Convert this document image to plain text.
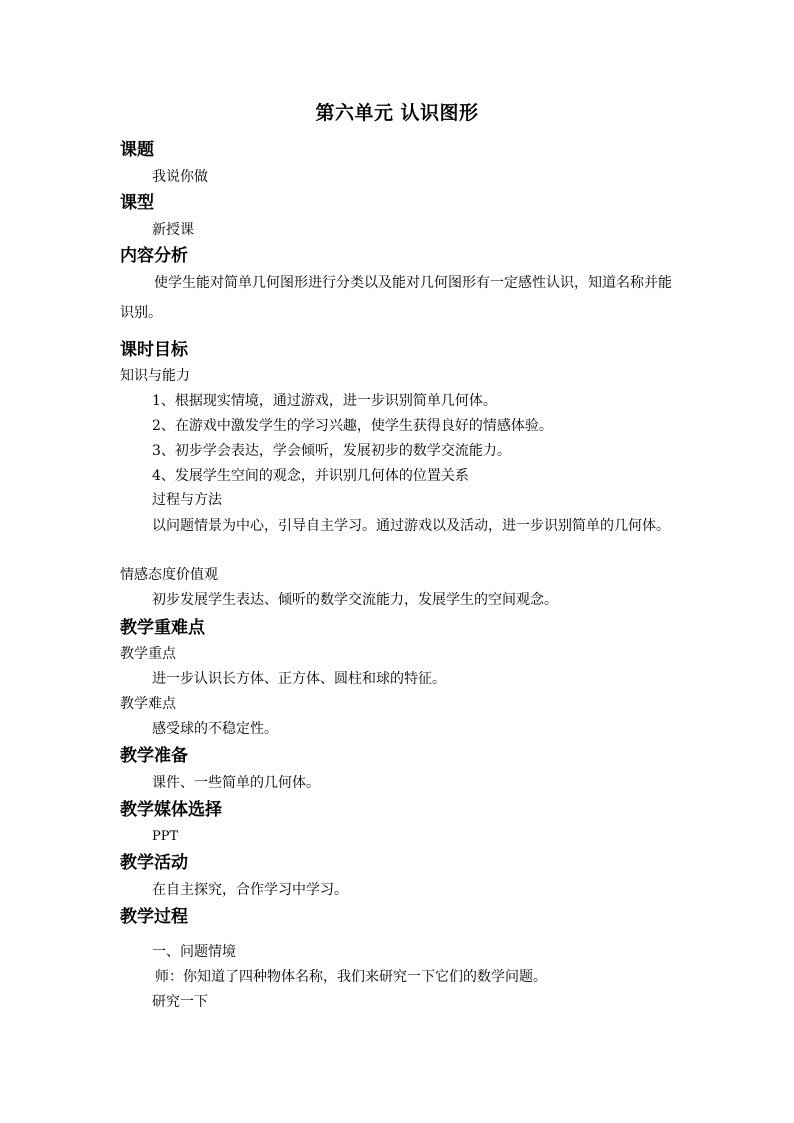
第六单元 认识图形
课题
我说你做
课型
新授课
内容分析
使学生能对简单几何图形进行分类以及能对几何图形有一定感性认识，知道名称并能识别。
课时目标
知识与能力
1、根据现实情境，通过游戏，进一步识别简单几何体。
2、在游戏中激发学生的学习兴趣，使学生获得良好的情感体验。
3、初步学会表达，学会倾听，发展初步的数学交流能力。
4、发展学生空间的观念，并识别几何体的位置关系
过程与方法
以问题情景为中心，引导自主学习。通过游戏以及活动，进一步识别简单的几何体。
情感态度价值观
初步发展学生表达、倾听的数学交流能力，发展学生的空间观念。
教学重难点
教学重点
进一步认识长方体、正方体、圆柱和球的特征。
教学难点
感受球的不稳定性。
教学准备
课件、一些简单的几何体。
教学媒体选择
PPT
教学活动
在自主探究，合作学习中学习。
教学过程
一、问题情境
师：你知道了四种物体名称，我们来研究一下它们的数学问题。
研究一下
